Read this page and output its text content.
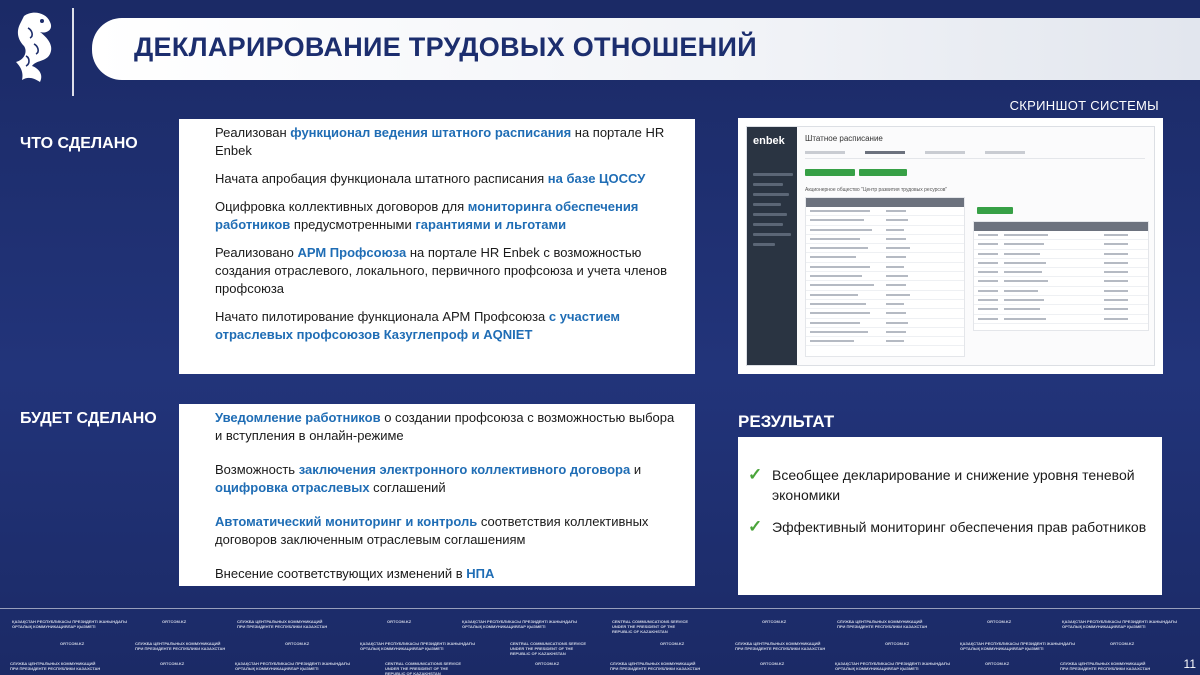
ДЕКЛАРИРОВАНИЕ ТРУДОВЫХ ОТНОШЕНИЙ
СКРИНШОТ СИСТЕМЫ
ЧТО СДЕЛАНО
БУДЕТ СДЕЛАНО	РЕЗУЛЬТАТ

Реализован функционал ведения штатного расписания на портале HR Enbek

Начата апробация функционала штатного расписания на базе ЦОССУ

Оцифровка коллективных договоров для мониторинга обеспечения работников предусмотренными гарантиями и льготами

Реализовано АРМ Профсоюза на портале HR Enbek с возможностью создания отраслевого, локального, первичного профсоюза и учета членов профсоюза

Начато пилотирование функционала АРМ Профсоюза с участием отраслевых профсоюзов Казуглепроф и AQNIET

Уведомление работников о создании профсоюза с возможностью выбора и вступления в онлайн-режиме

Возможность заключения электронного коллективного договора и оцифровка отраслевых соглашений

Автоматический мониторинг и контроль соответствия коллективных договоров заключенным отраслевым соглашениям

Внесение соответствующих изменений в НПА

enbek	Штатное расписание
Акционерное общество "Центр развития трудовых ресурсов"
✓ Всеобщее декларирование и снижение уровня теневой экономики

✓ Эффективный мониторинг обеспечения прав работников

ҚАЗАҚСТАН РЕСПУБЛИКАСЫ ПРЕЗИДЕНТІ ЖАНЫНДАҒЫ
ОРТАЛЫҚ КОММУНИКАЦИЯЛАР ҚЫЗМЕТІ
ORTCOM.KZ	СЛУЖБА ЦЕНТРАЛЬНЫХ КОММУНИКАЦИЙ
ПРИ ПРЕЗИДЕНТЕ РЕСПУБЛИКИ КАЗАХСТАН
ORTCOM.KZ	ҚАЗАҚСТАН РЕСПУБЛИКАСЫ ПРЕЗИДЕНТІ ЖАНЫНДАҒЫ
ОРТАЛЫҚ КОММУНИКАЦИЯЛАР ҚЫЗМЕТІ
CENTRAL COMMUNICATIONS SERVICE
UNDER THE PRESIDENT OF THE
REPUBLIC OF KAZAKHSTAN
ORTCOM.KZ	СЛУЖБА ЦЕНТРАЛЬНЫХ КОММУНИКАЦИЙ
ПРИ ПРЕЗИДЕНТЕ РЕСПУБЛИКИ КАЗАХСТАН
ORTCOM.KZ	ҚАЗАҚСТАН РЕСПУБЛИКАСЫ ПРЕЗИДЕНТІ ЖАНЫНДАҒЫ
ОРТАЛЫҚ КОММУНИКАЦИЯЛАР ҚЫЗМЕТІ
ORTCOM.KZ	СЛУЖБА ЦЕНТРАЛЬНЫХ КОММУНИКАЦИЙ
ПРИ ПРЕЗИДЕНТЕ РЕСПУБЛИКИ КАЗАХСТАН
ORTCOM.KZ	ҚАЗАҚСТАН РЕСПУБЛИКАСЫ ПРЕЗИДЕНТІ ЖАНЫНДАҒЫ
ОРТАЛЫҚ КОММУНИКАЦИЯЛАР ҚЫЗМЕТІ
CENTRAL COMMUNICATIONS SERVICE
UNDER THE PRESIDENT OF THE
REPUBLIC OF KAZAKHSTAN
ORTCOM.KZ	СЛУЖБА ЦЕНТРАЛЬНЫХ КОММУНИКАЦИЙ
ПРИ ПРЕЗИДЕНТЕ РЕСПУБЛИКИ КАЗАХСТАН
ORTCOM.KZ	ҚАЗАҚСТАН РЕСПУБЛИКАСЫ ПРЕЗИДЕНТІ ЖАНЫНДАҒЫ
ОРТАЛЫҚ КОММУНИКАЦИЯЛАР ҚЫЗМЕТІ
ORTCOM.KZ
СЛУЖБА ЦЕНТРАЛЬНЫХ КОММУНИКАЦИЙ
ПРИ ПРЕЗИДЕНТЕ РЕСПУБЛИКИ КАЗАХСТАН
ORTCOM.KZ	ҚАЗАҚСТАН РЕСПУБЛИКАСЫ ПРЕЗИДЕНТІ ЖАНЫНДАҒЫ
ОРТАЛЫҚ КОММУНИКАЦИЯЛАР ҚЫЗМЕТІ
CENTRAL COMMUNICATIONS SERVICE
UNDER THE PRESIDENT OF THE
REPUBLIC OF KAZAKHSTAN
ORTCOM.KZ	СЛУЖБА ЦЕНТРАЛЬНЫХ КОММУНИКАЦИЙ
ПРИ ПРЕЗИДЕНТЕ РЕСПУБЛИКИ КАЗАХСТАН
ORTCOM.KZ	ҚАЗАҚСТАН РЕСПУБЛИКАСЫ ПРЕЗИДЕНТІ ЖАНЫНДАҒЫ
ОРТАЛЫҚ КОММУНИКАЦИЯЛАР ҚЫЗМЕТІ
ORTCOM.KZ	СЛУЖБА ЦЕНТРАЛЬНЫХ КОММУНИКАЦИЙ
ПРИ ПРЕЗИДЕНТЕ РЕСПУБЛИКИ КАЗАХСТАН	11
